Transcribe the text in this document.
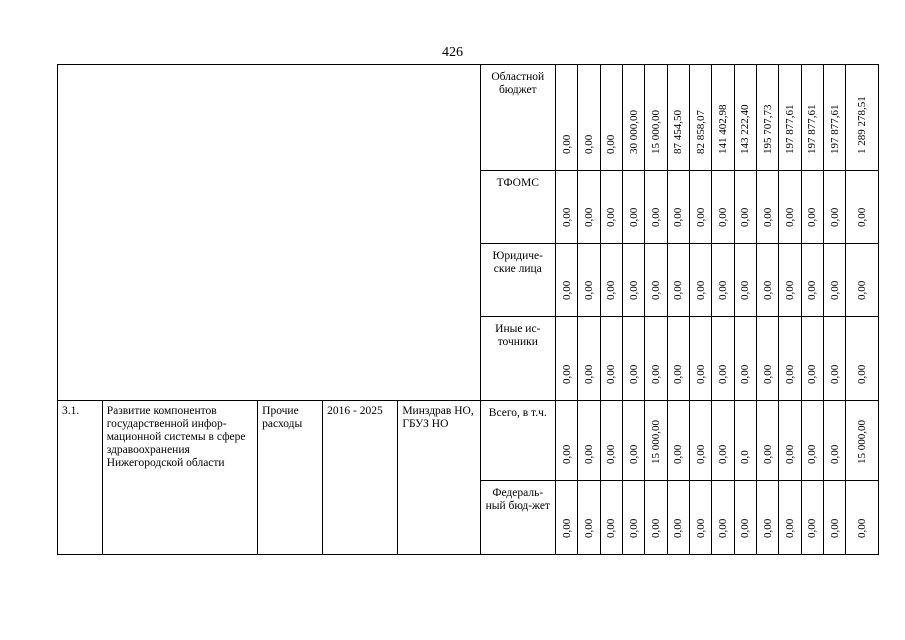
426
					Областной бюджет	0,00	0,00	0,00	30 000,00	15 000,00	87 454,50	82 858,07	141 402,98	143 222,40	195 707,73	197 877,61	197 877,61	197 877,61	1 289 278,51

					ТФОМС	0,00	0,00	0,00	0,00	0,00	0,00	0,00	0,00	0,00	0,00	0,00	0,00	0,00	0,00

					Юридиче-ские лица	0,00	0,00	0,00	0,00	0,00	0,00	0,00	0,00	0,00	0,00	0,00	0,00	0,00	0,00

					Иные ис-точники	0,00	0,00	0,00	0,00	0,00	0,00	0,00	0,00	0,00	0,00	0,00	0,00	0,00	0,00

3.1.	Развитие компонентов государственной инфор-мационной системы в сфере здравоохранения Нижегородской области	Прочие расходы	2016 - 2025	Минздрав НО, ГБУЗ НО	Всего, в т.ч.	0,00	0,00	0,00	0,00	15 000,00	0,00	0,00	0,00	0,0	0,00	0,00	0,00	0,00	15 000,00

					Федераль-ный бюд-жет	0,00	0,00	0,00	0,00	0,00	0,00	0,00	0,00	0,00	0,00	0,00	0,00	0,00	0,00
